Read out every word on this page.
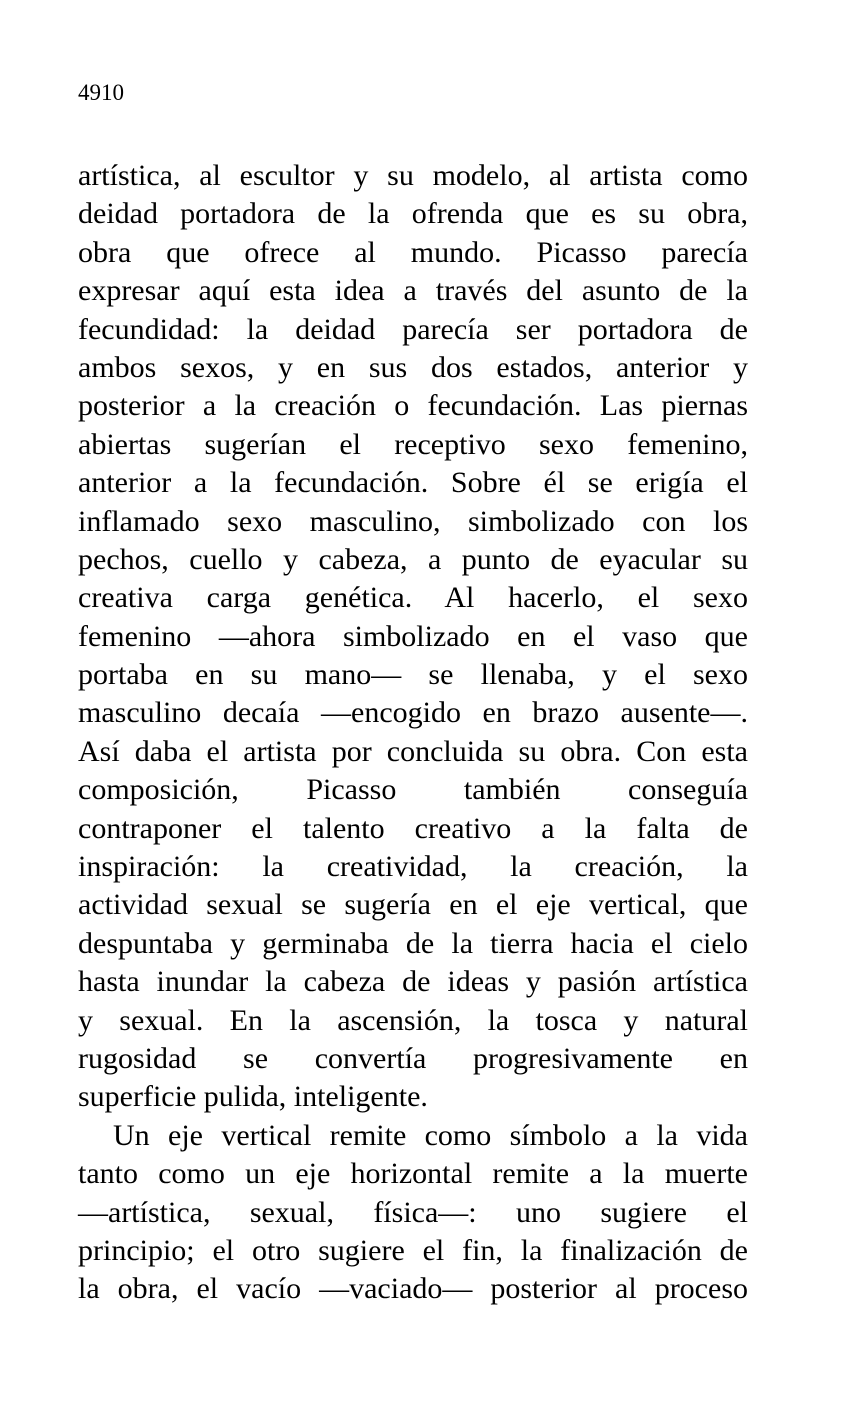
4910
artística, al escultor y su modelo, al artista como
deidad portadora de la ofrenda que es su obra,
obra que ofrece al mundo. Picasso parecía
expresar aquí esta idea a través del asunto de la
fecundidad: la deidad parecía ser portadora de
ambos sexos, y en sus dos estados, anterior y
posterior a la creación o fecundación. Las piernas
abiertas sugerían el receptivo sexo femenino,
anterior a la fecundación. Sobre él se erigía el
inflamado sexo masculino, simbolizado con los
pechos, cuello y cabeza, a punto de eyacular su
creativa carga genética. Al hacerlo, el sexo
femenino —ahora simbolizado en el vaso que
portaba en su mano— se llenaba, y el sexo
masculino decaía —encogido en brazo ausente—.
Así daba el artista por concluida su obra. Con esta
composición, Picasso también conseguía
contraponer el talento creativo a la falta de
inspiración: la creatividad, la creación, la
actividad sexual se sugería en el eje vertical, que
despuntaba y germinaba de la tierra hacia el cielo
hasta inundar la cabeza de ideas y pasión artística
y sexual. En la ascensión, la tosca y natural
rugosidad se convertía progresivamente en
superficie pulida, inteligente.
Un eje vertical remite como símbolo a la vida
tanto como un eje horizontal remite a la muerte
—artística, sexual, física—: uno sugiere el
principio; el otro sugiere el fin, la finalización de
la obra, el vacío —vaciado— posterior al proceso
